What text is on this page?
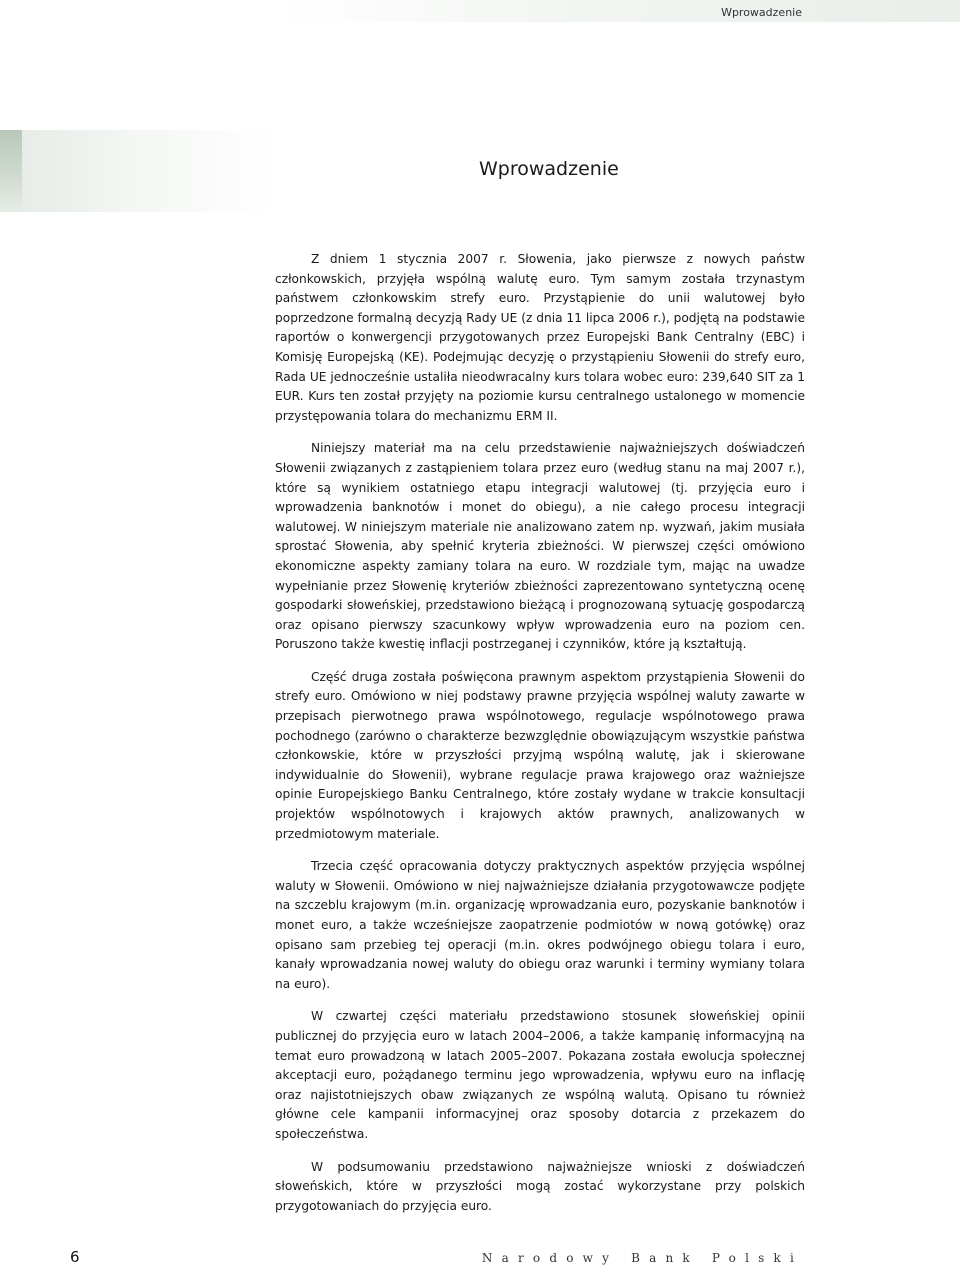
Wprowadzenie
Wprowadzenie

Z dniem 1 stycznia 2007 r. Słowenia, jako pierwsze z nowych państw członkowskich, przyjęła wspólną walutę euro. Tym samym została trzynastym państwem członkowskim strefy euro. Przystąpienie do unii walutowej było poprzedzone formalną decyzją Rady UE (z dnia 11 lipca 2006 r.), podjętą na podstawie raportów o konwergencji przygotowanych przez Europejski Bank Centralny (EBC) i Komisję Europejską (KE). Podejmując decyzję o przystąpieniu Słowenii do strefy euro, Rada UE jednocześnie ustaliła nieodwracalny kurs tolara wobec euro: 239,640 SIT za 1 EUR. Kurs ten został przyjęty na poziomie kursu centralnego ustalonego w momencie przystępowania tolara do mechanizmu ERM II.

Niniejszy materiał ma na celu przedstawienie najważniejszych doświadczeń Słowenii związanych z zastąpieniem tolara przez euro (według stanu na maj 2007 r.), które są wynikiem ostatniego etapu integracji walutowej (tj. przyjęcia euro i wprowadzenia banknotów i monet do obiegu), a nie całego procesu integracji walutowej. W niniejszym materiale nie analizowano zatem np. wyzwań, jakim musiała sprostać Słowenia, aby spełnić kryteria zbieżności. W pierwszej części omówiono ekonomiczne aspekty zamiany tolara na euro. W rozdziale tym, mając na uwadze wypełnianie przez Słowenię kryteriów zbieżności zaprezentowano syntetyczną ocenę gospodarki słoweńskiej, przedstawiono bieżącą i prognozowaną sytuację gospodarczą oraz opisano pierwszy szacunkowy wpływ wprowadzenia euro na poziom cen. Poruszono także kwestię inflacji postrzeganej i czynników, które ją kształtują.

Część druga została poświęcona prawnym aspektom przystąpienia Słowenii do strefy euro. Omówiono w niej podstawy prawne przyjęcia wspólnej waluty zawarte w przepisach pierwotnego prawa wspólnotowego, regulacje wspólnotowego prawa pochodnego (zarówno o charakterze bezwzględnie obowiązującym wszystkie państwa członkowskie, które w przyszłości przyjmą wspólną walutę, jak i skierowane indywidualnie do Słowenii), wybrane regulacje prawa krajowego oraz ważniejsze opinie Europejskiego Banku Centralnego, które zostały wydane w trakcie konsultacji projektów wspólnotowych i krajowych aktów prawnych, analizowanych w przedmiotowym materiale.

Trzecia część opracowania dotyczy praktycznych aspektów przyjęcia wspólnej waluty w Słowenii. Omówiono w niej najważniejsze działania przygotowawcze podjęte na szczeblu krajowym (m.in. organizację wprowadzania euro, pozyskanie banknotów i monet euro, a także wcześniejsze zaopatrzenie podmiotów w nową gotówkę) oraz opisano sam przebieg tej operacji (m.in. okres podwójnego obiegu tolara i euro, kanały wprowadzania nowej waluty do obiegu oraz warunki i terminy wymiany tolara na euro).

W czwartej części materiału przedstawiono stosunek słoweńskiej opinii publicznej do przyjęcia euro w latach 2004–2006, a także kampanię informacyjną na temat euro prowadzoną w latach 2005–2007. Pokazana została ewolucja społecznej akceptacji euro, pożądanego terminu jego wprowadzenia, wpływu euro na inflację oraz najistotniejszych obaw związanych ze wspólną walutą. Opisano tu również główne cele kampanii informacyjnej oraz sposoby dotarcia z przekazem do społeczeństwa.

W podsumowaniu przedstawiono najważniejsze wnioski z doświadczeń słoweńskich, które w przyszłości mogą zostać wykorzystane przy polskich przygotowaniach do przyjęcia euro.

6	Narodowy Bank Polski
